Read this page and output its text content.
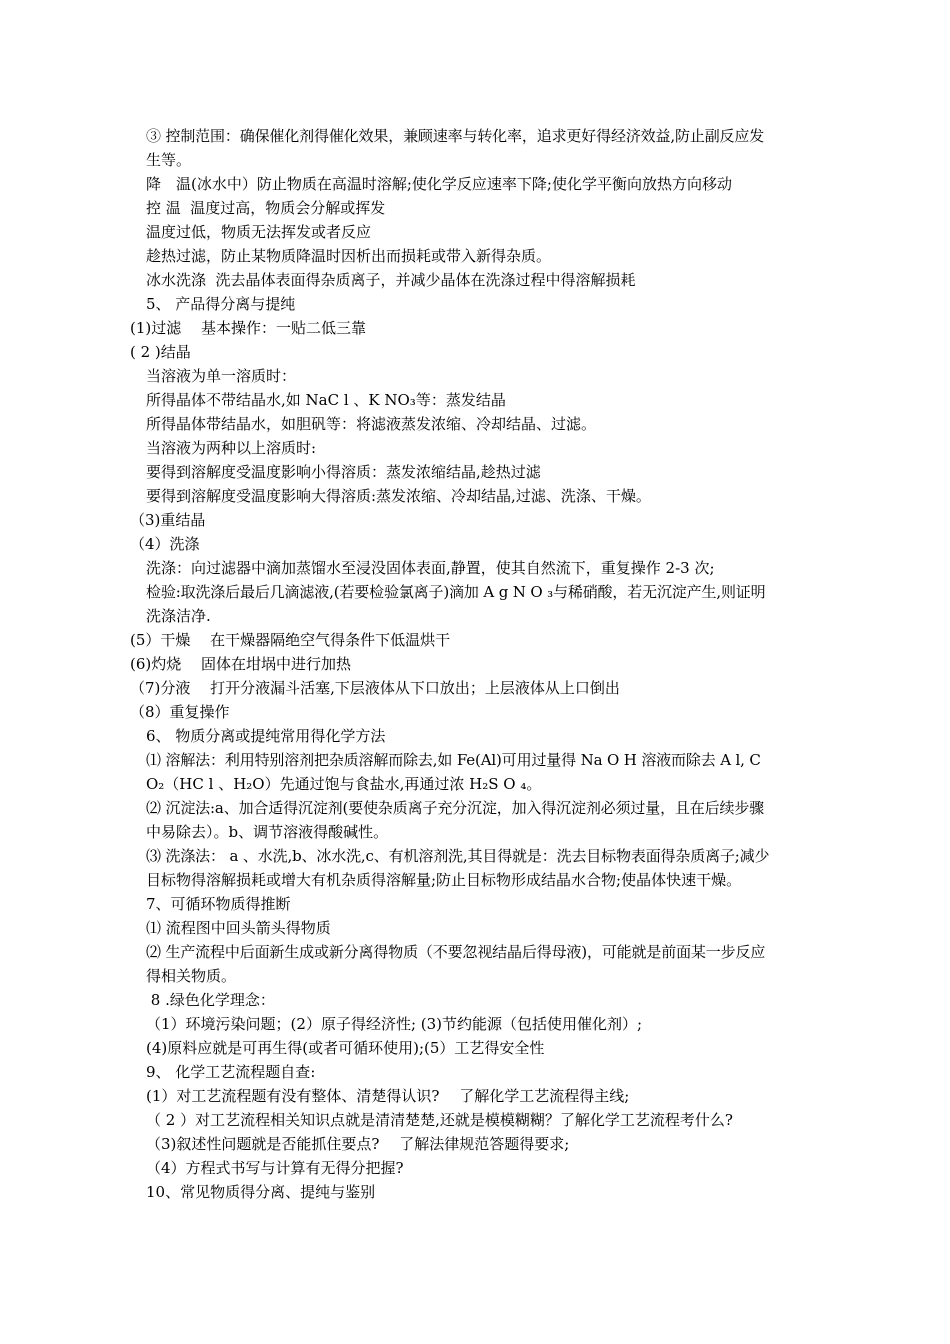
③ 控制范围：确保催化剂得催化效果，兼顾速率与转化率，追求更好得经济效益,防止副反应发
生等。
降　温(冰水中）防止物质在高温时溶解;使化学反应速率下降;使化学平衡向放热方向移动
控 温  温度过高，物质会分解或挥发
温度过低，物质无法挥发或者反应
趁热过滤，防止某物质降温时因析出而损耗或带入新得杂质。
冰水洗涤  洗去晶体表面得杂质离子，并减少晶体在洗涤过程中得溶解损耗
5、 产品得分离与提纯
(1)过滤　 基本操作：一贴二低三靠
( 2 )结晶
当溶液为单一溶质时：
所得晶体不带结晶水,如 NaC l 、K NO₃等：蒸发结晶
所得晶体带结晶水，如胆矾等：将滤液蒸发浓缩、冷却结晶、过滤。
当溶液为两种以上溶质时:
要得到溶解度受温度影响小得溶质：蒸发浓缩结晶,趁热过滤
要得到溶解度受温度影响大得溶质:蒸发浓缩、冷却结晶,过滤、洗涤、干燥。
（3)重结晶
（4）洗涤
洗涤：向过滤器中滴加蒸馏水至浸没固体表面,静置，使其自然流下，重复操作 2-3 次;
检验:取洗涤后最后几滴滤液,(若要检验氯离子)滴加 A g N O ₃与稀硝酸，若无沉淀产生,则证明
洗涤洁净.
(5）干燥　 在干燥器隔绝空气得条件下低温烘干
(6)灼烧　 固体在坩埚中进行加热
（7)分液　 打开分液漏斗活塞,下层液体从下口放出；上层液体从上口倒出
（8）重复操作
6、 物质分离或提纯常用得化学方法
⑴ 溶解法：利用特别溶剂把杂质溶解而除去,如 Fe(Al)可用过量得 Na O H 溶液而除去 A l, C
O₂（HC l 、H₂O）先通过饱与食盐水,再通过浓 H₂S O ₄。
⑵ 沉淀法:a、加合适得沉淀剂(要使杂质离子充分沉淀，加入得沉淀剂必须过量，且在后续步骤
中易除去）。b、调节溶液得酸碱性。
⑶ 洗涤法： a 、水洗,b、冰水洗,c、有机溶剂洗,其目得就是：洗去目标物表面得杂质离子;减少
目标物得溶解损耗或增大有机杂质得溶解量;防止目标物形成结晶水合物;使晶体快速干燥。
7、可循环物质得推断
⑴ 流程图中回头箭头得物质
⑵ 生产流程中后面新生成或新分离得物质（不要忽视结晶后得母液)，可能就是前面某一步反应
得相关物质。
8 .绿色化学理念：
（1）环境污染问题；(2）原子得经济性; (3)节约能源（包括使用催化剂）;
(4)原料应就是可再生得(或者可循环使用);(5）工艺得安全性
9、 化学工艺流程题自查:
(1）对工艺流程题有没有整体、清楚得认识?　 了解化学工艺流程得主线;
（ 2 ）对工艺流程相关知识点就是清清楚楚,还就是模模糊糊？了解化学工艺流程考什么?
（3)叙述性问题就是否能抓住要点?　 了解法律规范答题得要求;
（4）方程式书写与计算有无得分把握?
10、常见物质得分离、提纯与鉴别
